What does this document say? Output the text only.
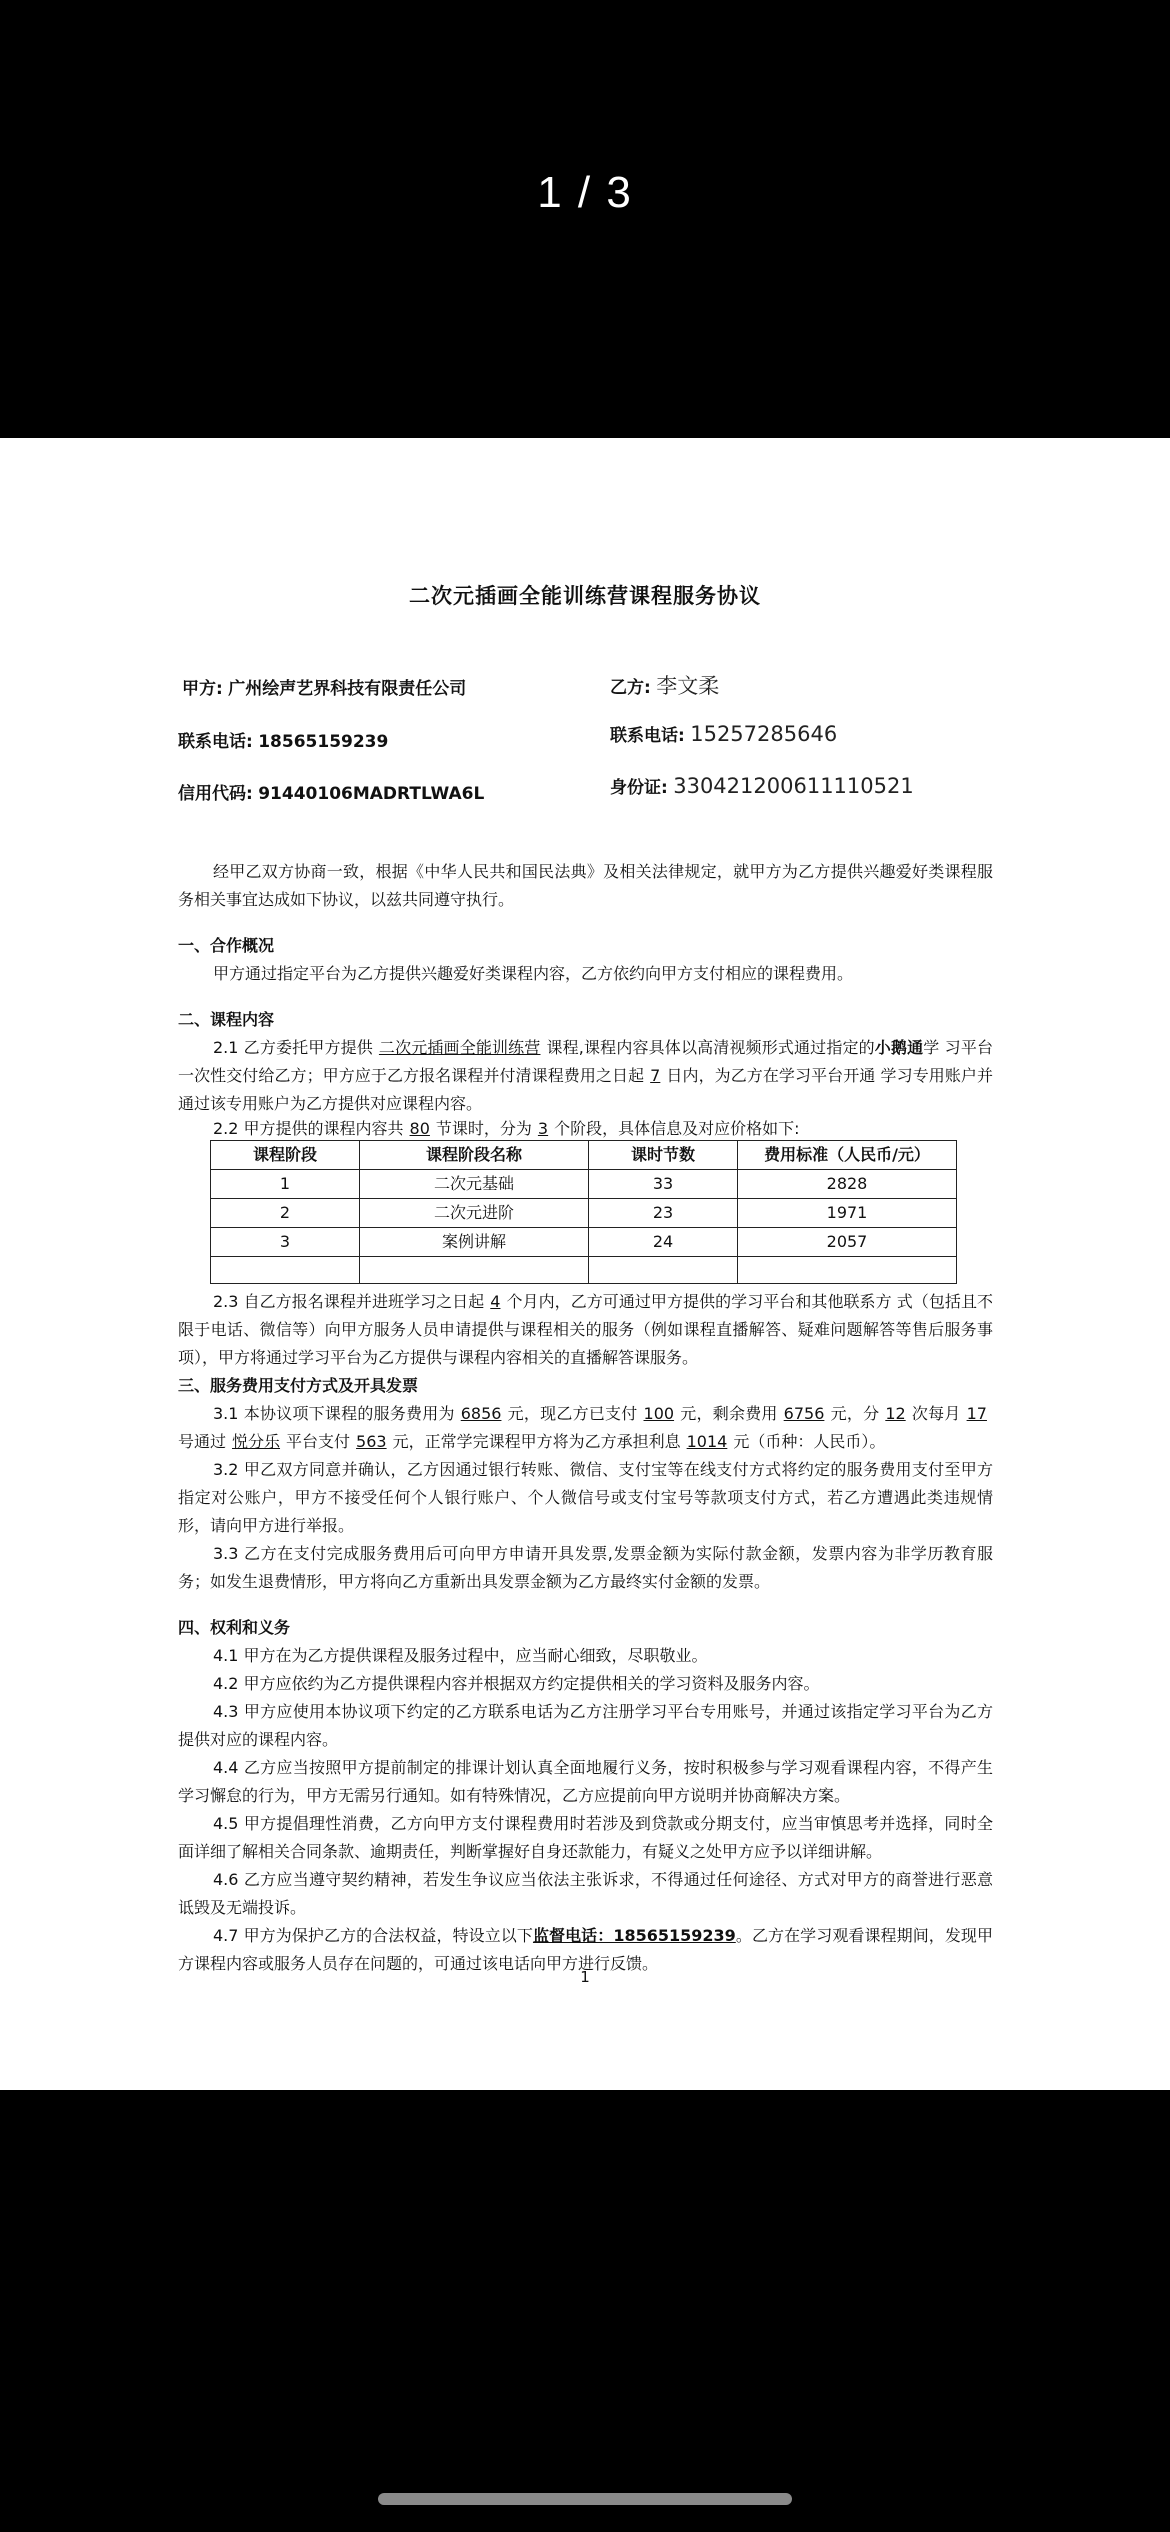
1 / 3
二次元插画全能训练营课程服务协议
甲方: 广州绘声艺界科技有限责任公司
联系电话: 18565159239
信用代码: 91440106MADRTLWA6L
乙方: 李文柔
联系电话: 15257285646
身份证: 330421200611110521

经甲乙双方协商一致，根据《中华人民共和国民法典》及相关法律规定，就甲方为乙方提供兴趣爱好类课程服务相关事宜达成如下协议，以兹共同遵守执行。

一、合作概况

甲方通过指定平台为乙方提供兴趣爱好类课程内容，乙方依约向甲方支付相应的课程费用。

二、课程内容

2.1 乙方委托甲方提供 二次元插画全能训练营 课程,课程内容具体以高清视频形式通过指定的小鹅通学 习平台一次性交付给乙方；甲方应于乙方报名课程并付清课程费用之日起 7 日内，为乙方在学习平台开通 学习专用账户并通过该专用账户为乙方提供对应课程内容。

2.2 甲方提供的课程内容共 80 节课时，分为 3 个阶段，具体信息及对应价格如下:

课程阶段	课程阶段名称	课时节数	费用标准（人民币/元）
1	二次元基础	33	2828
2	二次元进阶	23	1971
3	案例讲解	24	2057

2.3 自乙方报名课程并进班学习之日起 4 个月内，乙方可通过甲方提供的学习平台和其他联系方 式（包括且不限于电话、微信等）向甲方服务人员申请提供与课程相关的服务（例如课程直播解答、疑难问题解答等售后服务事项），甲方将通过学习平台为乙方提供与课程内容相关的直播解答课服务。

三、服务费用支付方式及开具发票

3.1 本协议项下课程的服务费用为 6856 元，现乙方已支付 100 元，剩余费用 6756 元，分 12 次每月 17号通过 悦分乐 平台支付 563 元，正常学完课程甲方将为乙方承担利息 1014 元（币种：人民币）。

3.2 甲乙双方同意并确认，乙方因通过银行转账、微信、支付宝等在线支付方式将约定的服务费用支付至甲方指定对公账户，甲方不接受任何个人银行账户、个人微信号或支付宝号等款项支付方式，若乙方遭遇此类违规情形，请向甲方进行举报。

3.3 乙方在支付完成服务费用后可向甲方申请开具发票,发票金额为实际付款金额，发票内容为非学历教育服务；如发生退费情形，甲方将向乙方重新出具发票金额为乙方最终实付金额的发票。

四、权利和义务

4.1 甲方在为乙方提供课程及服务过程中，应当耐心细致，尽职敬业。

4.2 甲方应依约为乙方提供课程内容并根据双方约定提供相关的学习资料及服务内容。

4.3 甲方应使用本协议项下约定的乙方联系电话为乙方注册学习平台专用账号，并通过该指定学习平台为乙方提供对应的课程内容。

4.4 乙方应当按照甲方提前制定的排课计划认真全面地履行义务，按时积极参与学习观看课程内容，不得产生学习懈怠的行为，甲方无需另行通知。如有特殊情况，乙方应提前向甲方说明并协商解决方案。

4.5 甲方提倡理性消费，乙方向甲方支付课程费用时若涉及到贷款或分期支付，应当审慎思考并选择，同时全面详细了解相关合同条款、逾期责任，判断掌握好自身还款能力，有疑义之处甲方应予以详细讲解。

4.6 乙方应当遵守契约精神，若发生争议应当依法主张诉求，不得通过任何途径、方式对甲方的商誉进行恶意诋毁及无端投诉。

4.7 甲方为保护乙方的合法权益，特设立以下监督电话：18565159239。乙方在学习观看课程期间，发现甲方课程内容或服务人员存在问题的，可通过该电话向甲方进行反馈。

1
